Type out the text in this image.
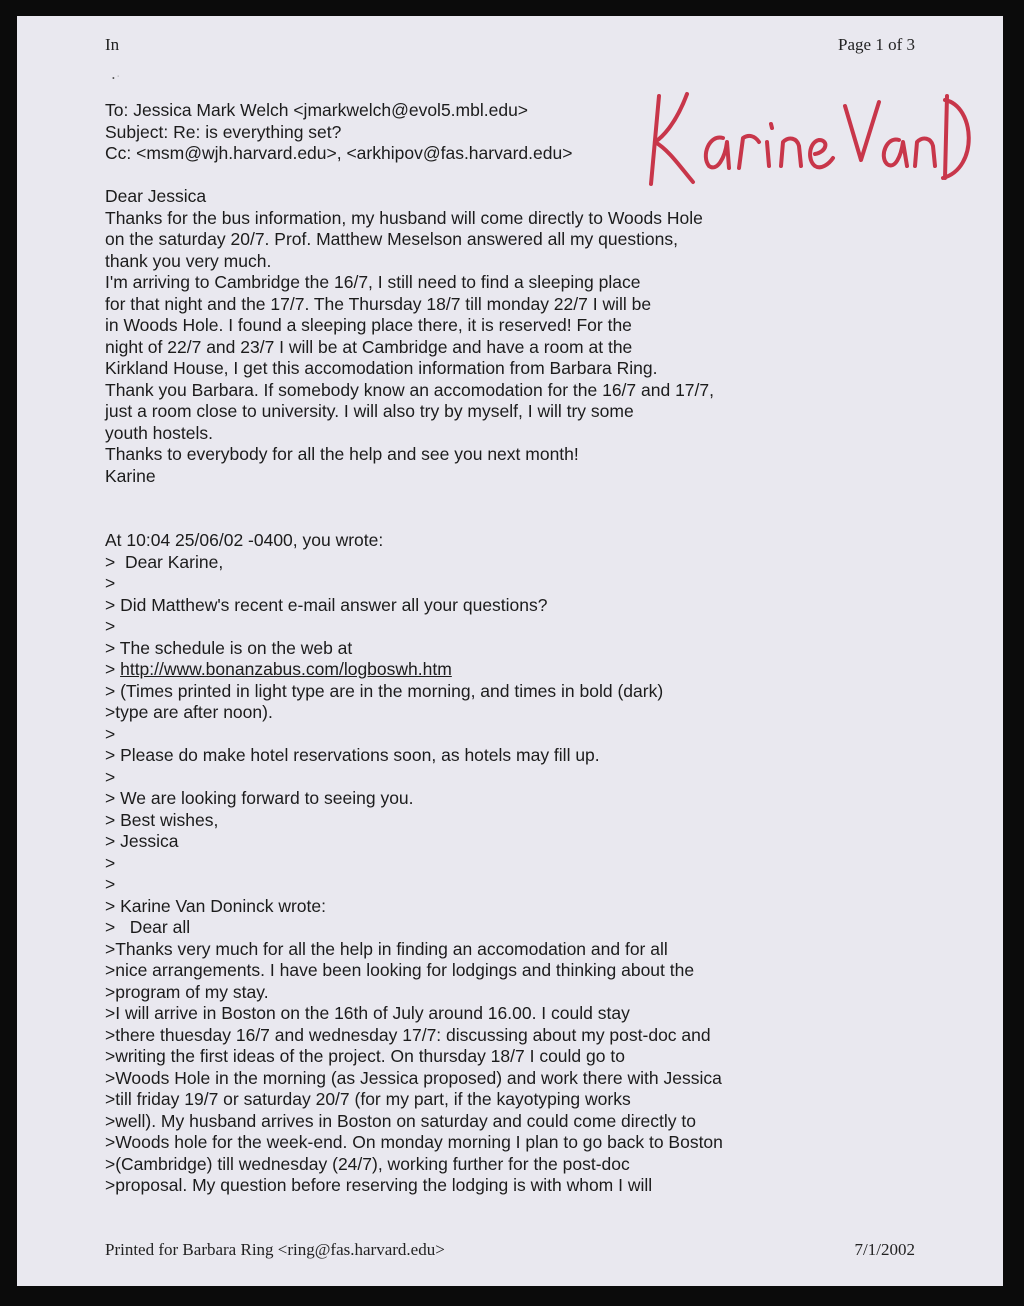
In	Page 1 of 3
• ˙
To: Jessica Mark Welch <jmarkwelch@evol5.mbl.edu>
Subject: Re: is everything set?
Cc: <msm@wjh.harvard.edu>, <arkhipov@fas.harvard.edu>
Dear Jessica
Thanks for the bus information, my husband will come directly to Woods Hole
on the saturday 20/7. Prof. Matthew Meselson answered all my questions,
thank you very much.
I'm arriving to Cambridge the 16/7, I still need to find a sleeping place
for that night and the 17/7. The Thursday 18/7 till monday 22/7 I will be
in Woods Hole. I found a sleeping place there, it is reserved! For the
night of 22/7 and 23/7 I will be at Cambridge and have a room at the
Kirkland House, I get this accomodation information from Barbara Ring.
Thank you Barbara. If somebody know an accomodation for the 16/7 and 17/7,
just a room close to university. I will also try by myself, I will try some
youth hostels.
Thanks to everybody for all the help and see you next month!
Karine
At 10:04 25/06/02 -0400, you wrote:
>  Dear Karine,
>
> Did Matthew's recent e-mail answer all your questions?
>
> The schedule is on the web at
> http://www.bonanzabus.com/logboswh.htm
> (Times printed in light type are in the morning, and times in bold (dark)
>type are after noon).
>
> Please do make hotel reservations soon, as hotels may fill up.
>
> We are looking forward to seeing you.
> Best wishes,
> Jessica
>
>
> Karine Van Doninck wrote:
>   Dear all
>Thanks very much for all the help in finding an accomodation and for all
>nice arrangements. I have been looking for lodgings and thinking about the
>program of my stay.
>I will arrive in Boston on the 16th of July around 16.00. I could stay
>there thuesday 16/7 and wednesday 17/7: discussing about my post-doc and
>writing the first ideas of the project. On thursday 18/7 I could go to
>Woods Hole in the morning (as Jessica proposed) and work there with Jessica
>till friday 19/7 or saturday 20/7 (for my part, if the kayotyping works
>well). My husband arrives in Boston on saturday and could come directly to
>Woods hole for the week-end. On monday morning I plan to go back to Boston
>(Cambridge) till wednesday (24/7), working further for the post-doc
>proposal. My question before reserving the lodging is with whom I will
Printed for Barbara Ring <ring@fas.harvard.edu>	7/1/2002
